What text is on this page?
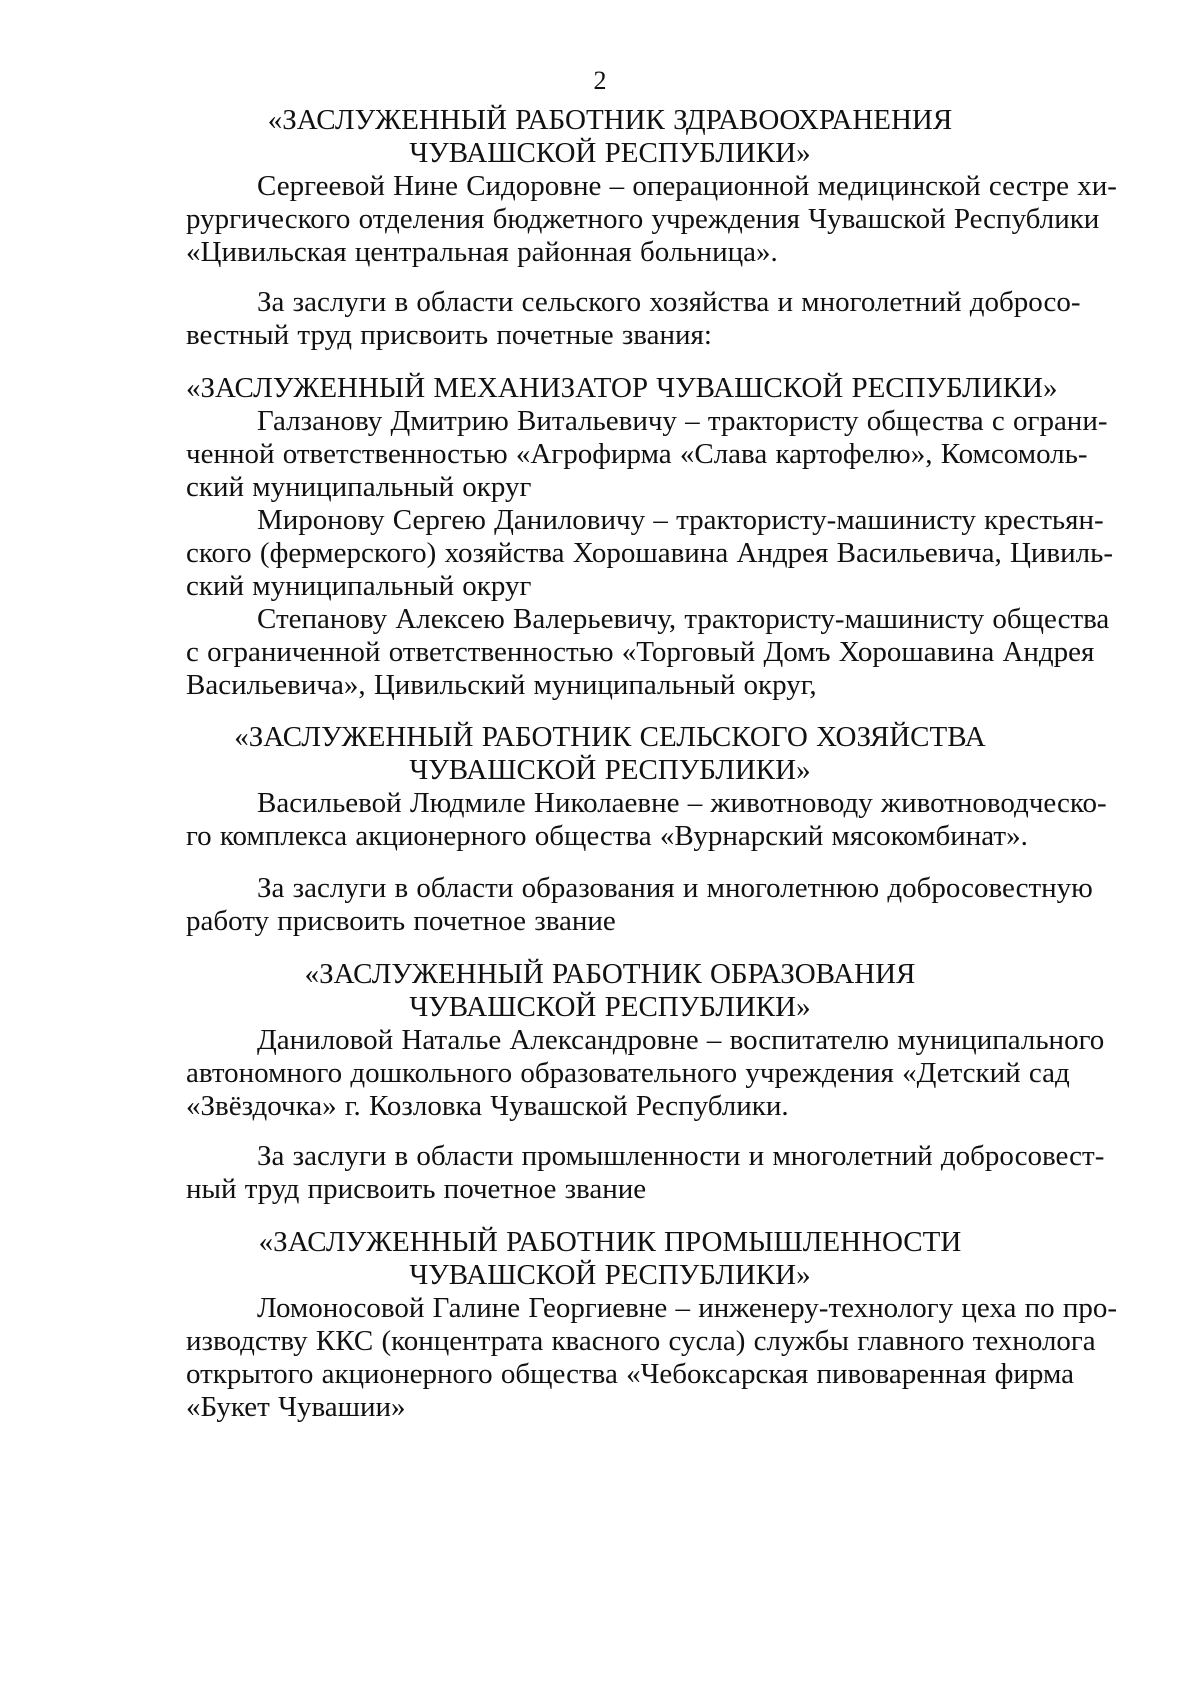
2
«ЗАСЛУЖЕННЫЙ РАБОТНИК ЗДРАВООХРАНЕНИЯ
ЧУВАШСКОЙ РЕСПУБЛИКИ»
Сергеевой Нине Сидоровне – операционной медицинской сестре хи-
рургического отделения бюджетного учреждения Чувашской Республики
«Цивильская центральная районная больница».
За заслуги в области сельского хозяйства и многолетний добросо-
вестный труд присвоить почетные звания:
«ЗАСЛУЖЕННЫЙ МЕХАНИЗАТОР ЧУВАШСКОЙ РЕСПУБЛИКИ»
Галзанову Дмитрию Витальевичу – трактористу общества с ограни-
ченной ответственностью «Агрофирма «Слава картофелю», Комсомоль-
ский муниципальный округ
Миронову Сергею Даниловичу – трактористу-машинисту крестьян-
ского (фермерского) хозяйства Хорошавина Андрея Васильевича, Цивиль-
ский муниципальный округ
Степанову Алексею Валерьевичу, трактористу-машинисту общества
с ограниченной ответственностью «Торговый Домъ Хорошавина Андрея
Васильевича», Цивильский муниципальный округ,
«ЗАСЛУЖЕННЫЙ РАБОТНИК СЕЛЬСКОГО ХОЗЯЙСТВА
ЧУВАШСКОЙ РЕСПУБЛИКИ»
Васильевой Людмиле Николаевне – животноводу животноводческо-
го комплекса акционерного общества «Вурнарский мясокомбинат».
За заслуги в области образования и многолетнюю добросовестную
работу присвоить почетное звание
«ЗАСЛУЖЕННЫЙ РАБОТНИК ОБРАЗОВАНИЯ
ЧУВАШСКОЙ РЕСПУБЛИКИ»
Даниловой Наталье Александровне – воспитателю муниципального
автономного дошкольного образовательного учреждения «Детский сад
«Звёздочка» г. Козловка Чувашской Республики.
За заслуги в области промышленности и многолетний добросовест-
ный труд присвоить почетное звание
«ЗАСЛУЖЕННЫЙ РАБОТНИК ПРОМЫШЛЕННОСТИ
ЧУВАШСКОЙ РЕСПУБЛИКИ»
Ломоносовой Галине Георгиевне – инженеру-технологу цеха по про-
изводству ККС (концентрата квасного сусла) службы главного технолога
открытого акционерного общества «Чебоксарская пивоваренная фирма
«Букет Чувашии»
